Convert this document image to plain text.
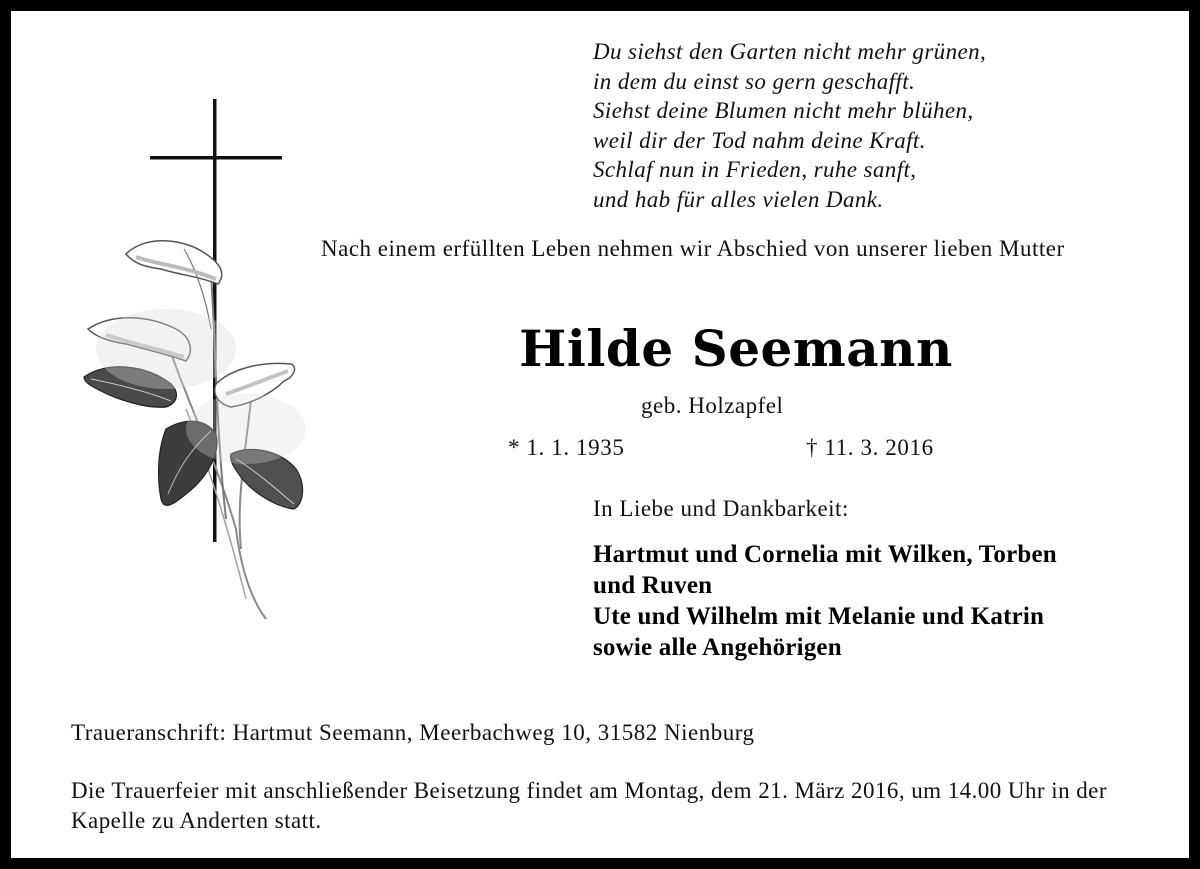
Du siehst den Garten nicht mehr grünen,
in dem du einst so gern geschafft.
Siehst deine Blumen nicht mehr blühen,
weil dir der Tod nahm deine Kraft.
Schlaf nun in Frieden, ruhe sanft,
und hab für alles vielen Dank.
Nach einem erfüllten Leben nehmen wir Abschied von unserer lieben Mutter
Hilde Seemann
geb. Holzapfel
* 1. 1. 1935	† 11. 3. 2016
In Liebe und Dankbarkeit:
Hartmut und Cornelia mit Wilken, Torben
und Ruven
Ute und Wilhelm mit Melanie und Katrin
sowie alle Angehörigen
Traueranschrift: Hartmut Seemann, Meerbachweg 10, 31582 Nienburg
Die Trauerfeier mit anschließender Beisetzung findet am Montag, dem 21. März 2016, um 14.00 Uhr in der Kapelle zu Anderten statt.
